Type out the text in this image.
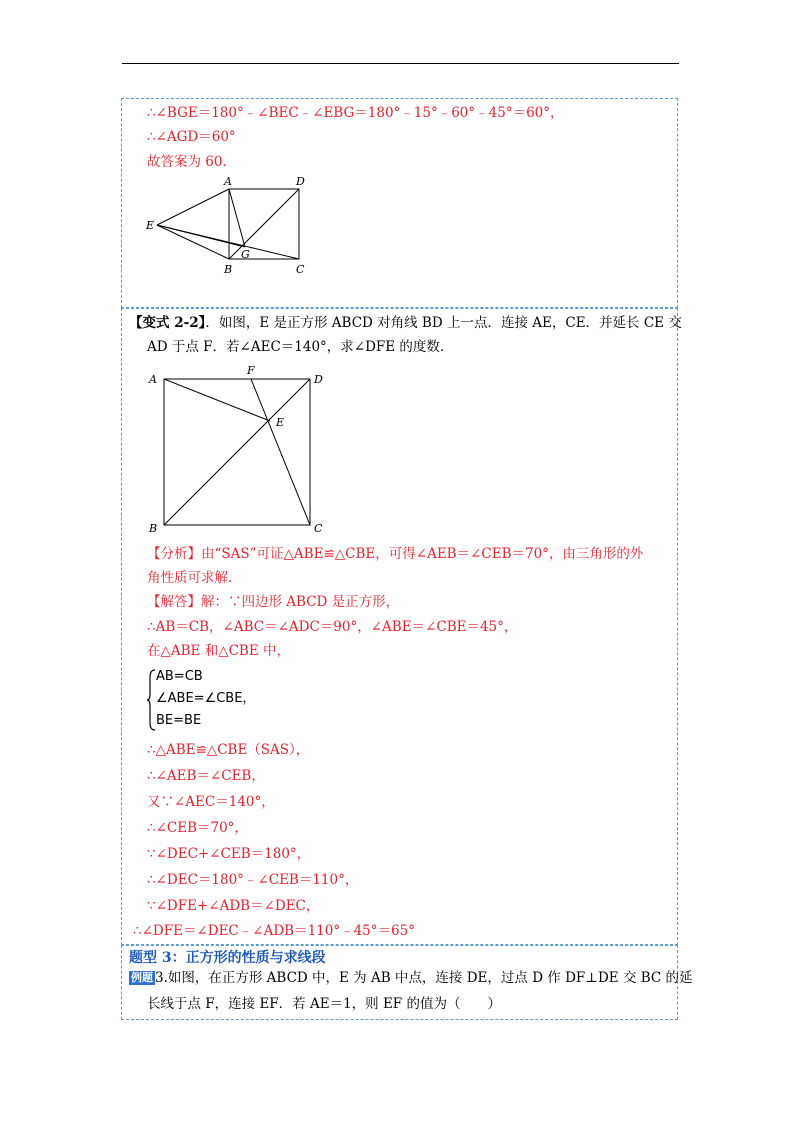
∴∠BGE＝180°﹣∠BEC﹣∠EBG＝180°﹣15°﹣60°﹣45°＝60°，
∴∠AGD＝60°
故答案为 60．
A	D
E
G
B	C
【变式 2-2】．如图，E 是正方形 ABCD 对角线 BD 上一点．连接 AE，CE．并延长 CE 交
AD 于点 F．若∠AEC＝140°，求∠DFE 的度数．
A
F
D
E
B	C
【分析】由“SAS”可证△ABE≌△CBE，可得∠AEB＝∠CEB＝70°，由三角形的外
角性质可求解．
【解答】解：∵四边形 ABCD 是正方形，
∴AB＝CB，∠ABC＝∠ADC＝90°，∠ABE＝∠CBE＝45°，
在△ABE 和△CBE 中，
AB=CB
∠ABE=∠CBE，
BE=BE
∴△ABE≌△CBE（SAS），
∴∠AEB＝∠CEB，
又∵∠AEC＝140°，
∴∠CEB＝70°，
∵∠DEC+∠CEB＝180°，
∴∠DEC＝180°﹣∠CEB＝110°，
∵∠DFE+∠ADB＝∠DEC，
∴∠DFE＝∠DEC﹣∠ADB＝110°﹣45°＝65°
题型 3：正方形的性质与求线段
例题 3.如图，在正方形 ABCD 中，E 为 AB 中点，连接 DE，过点 D 作 DF⊥DE 交 BC 的延
长线于点 F，连接 EF．若 AE＝1，则 EF 的值为（　　）
